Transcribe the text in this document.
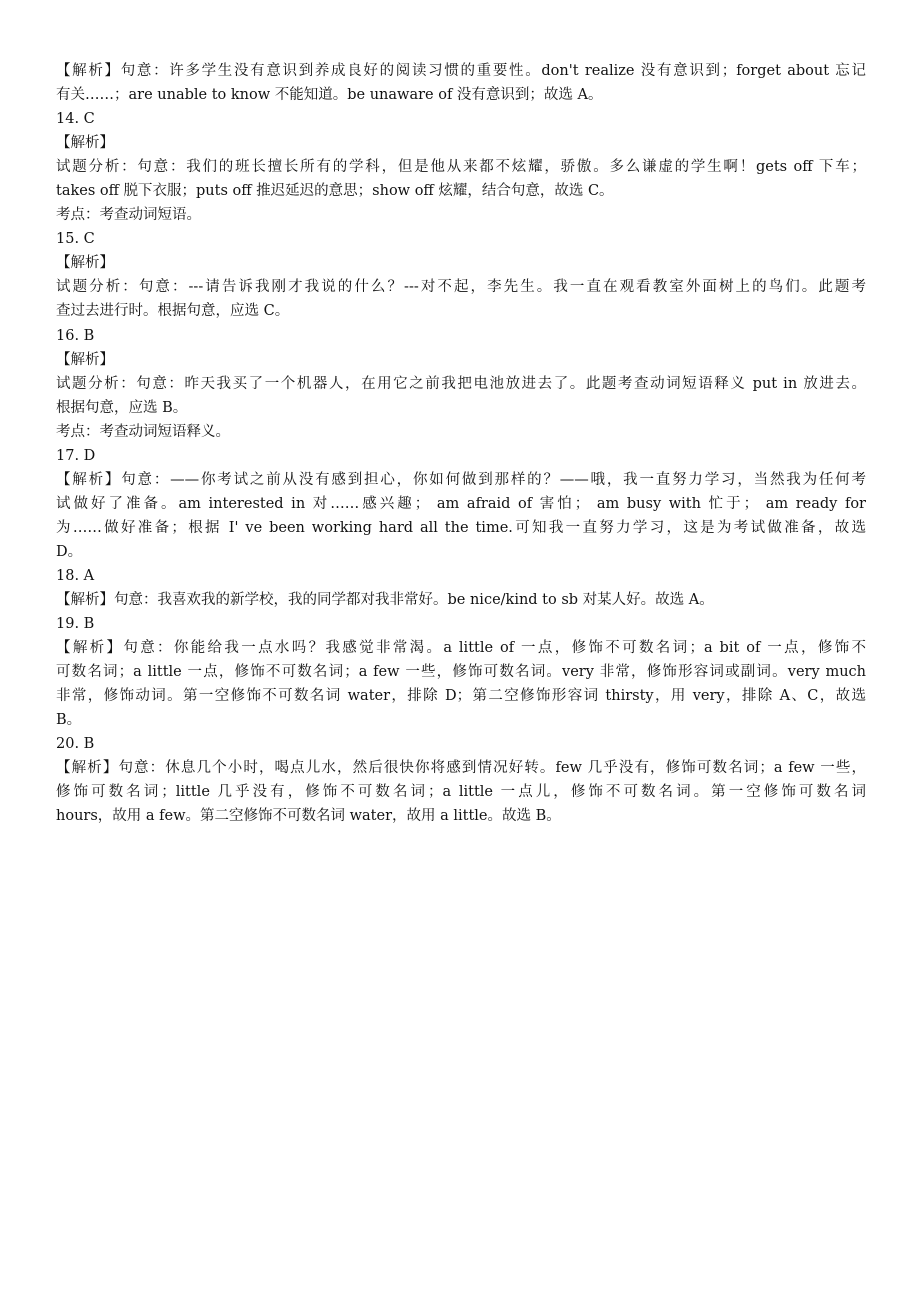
【解析】句意：许多学生没有意识到养成良好的阅读习惯的重要性。don't realize 没有意识到；forget about 忘记
有关……；are unable to know 不能知道。be unaware of 没有意识到；故选 A。
14. C
【解析】
试题分析：句意：我们的班长擅长所有的学科，但是他从来都不炫耀，骄傲。多么谦虚的学生啊！gets off 下车；
takes off 脱下衣服；puts off 推迟延迟的意思；show off 炫耀，结合句意，故选 C。
考点：考查动词短语。
15. C
【解析】
试题分析：句意：---请告诉我刚才我说的什么？---对不起，李先生。我一直在观看教室外面树上的鸟们。此题考
查过去进行时。根据句意，应选 C。
16. B
【解析】
试题分析：句意：昨天我买了一个机器人，在用它之前我把电池放进去了。此题考查动词短语释义 put in 放进去。
根据句意，应选 B。
考点：考查动词短语释义。
17. D
【解析】句意：——你考试之前从没有感到担心，你如何做到那样的？——哦，我一直努力学习，当然我为任何考
试做好了准备。am interested in 对……感兴趣； am afraid of 害怕； am busy with 忙于； am ready for
为……做好准备；根据 I' ve been working hard all the time.可知我一直努力学习，这是为考试做准备，故选
D。
18. A
【解析】句意：我喜欢我的新学校，我的同学都对我非常好。be nice/kind to sb 对某人好。故选 A。
19. B
【解析】句意：你能给我一点水吗？我感觉非常渴。a little of 一点，修饰不可数名词；a bit of 一点，修饰不
可数名词；a little 一点，修饰不可数名词；a few 一些，修饰可数名词。very 非常，修饰形容词或副词。very much
非常，修饰动词。第一空修饰不可数名词 water，排除 D；第二空修饰形容词 thirsty，用 very，排除 A、C，故选
B。
20. B
【解析】句意：休息几个小时，喝点儿水，然后很快你将感到情况好转。few 几乎没有，修饰可数名词；a few 一些，
修饰可数名词；little 几乎没有，修饰不可数名词；a little 一点儿，修饰不可数名词。第一空修饰可数名词
hours，故用 a few。第二空修饰不可数名词 water，故用 a little。故选 B。
